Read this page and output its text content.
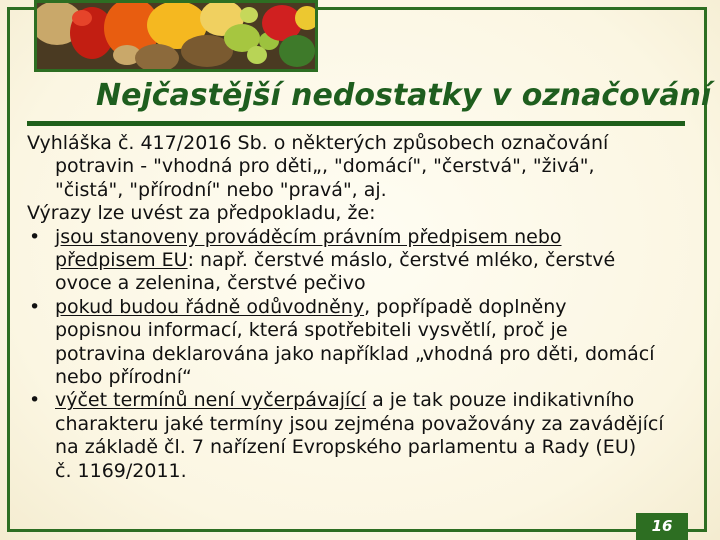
Nejčastější nedostatky v označování
Vyhláška č. 417/2016 Sb. o některých způsobech označování
potravin - "vhodná pro děti„, "domácí", "čerstvá", "živá",
"čistá", "přírodní" nebo "pravá", aj.
Výrazy lze uvést za předpokladu, že:
• jsou stanoveny prováděcím právním předpisem nebo
předpisem EU: např. čerstvé máslo, čerstvé mléko, čerstvé
ovoce a zelenina, čerstvé pečivo
• pokud budou řádně odůvodněny, popřípadě doplněny
popisnou informací, která spotřebiteli vysvětlí, proč je
potravina deklarována jako například „vhodná pro děti, domácí
nebo přírodní“
• výčet termínů není vyčerpávající a je tak pouze indikativního
charakteru jaké termíny jsou zejména považovány za zavádějící
na základě čl. 7 nařízení Evropského parlamentu a Rady (EU)
č. 1169/2011.
16
